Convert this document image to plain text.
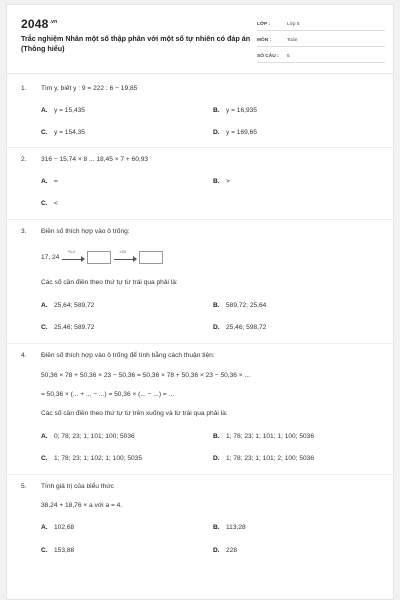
$2048^{.vn}$
Trắc nghiệm Nhân một số thập phân với một số tự nhiên có đáp án (Thông hiểu)
LỚP :	Lớp 5
MÔN :	Toán
SỐ CÂU :	5
1. Tìm y, biết y : 9 = 222 : 6 − 19,85
A. y = 15,435	B. y = 16,935
C. y = 154,35	D. y = 169,65
2. 316 − 15,74 × 8 ... 18,45 × 7 + 60,93
A. =	B. >
C. <
3. Điền số thích hợp vào ô trống:
17, 24
+6,4	×25
Các số cần điền theo thứ tự từ trái qua phải là:
A. 25,64; 589,72	B. 589,72; 25,64
C. 25,46; 589,72	D. 25,46; 598,72
4. Điền số thích hợp vào ô trống để tính bằng cách thuận tiện:
50,36 × 78 + 50,36 × 23 − 50,36 = 50,36 × 78 + 50,36 × 23 − 50,36 × ...
= 50,36 × (... + ... − ...) = 50,36 × (... − ...) = ...
Các số cần điền theo thứ tự từ trên xuống và từ trái qua phải là:
A. 0; 78; 23; 1; 101; 100; 5036	B. 1; 78; 23; 1; 101; 1; 100; 5036
C. 1; 78; 23; 1; 102; 1; 100; 5035	D. 1; 78; 23; 1; 101; 2; 100; 5036
5. Tính giá trị của biểu thức
38,24 + 18,76 × a với a = 4.
A. 102,68	B. 113,28
C. 153,88	D. 228
